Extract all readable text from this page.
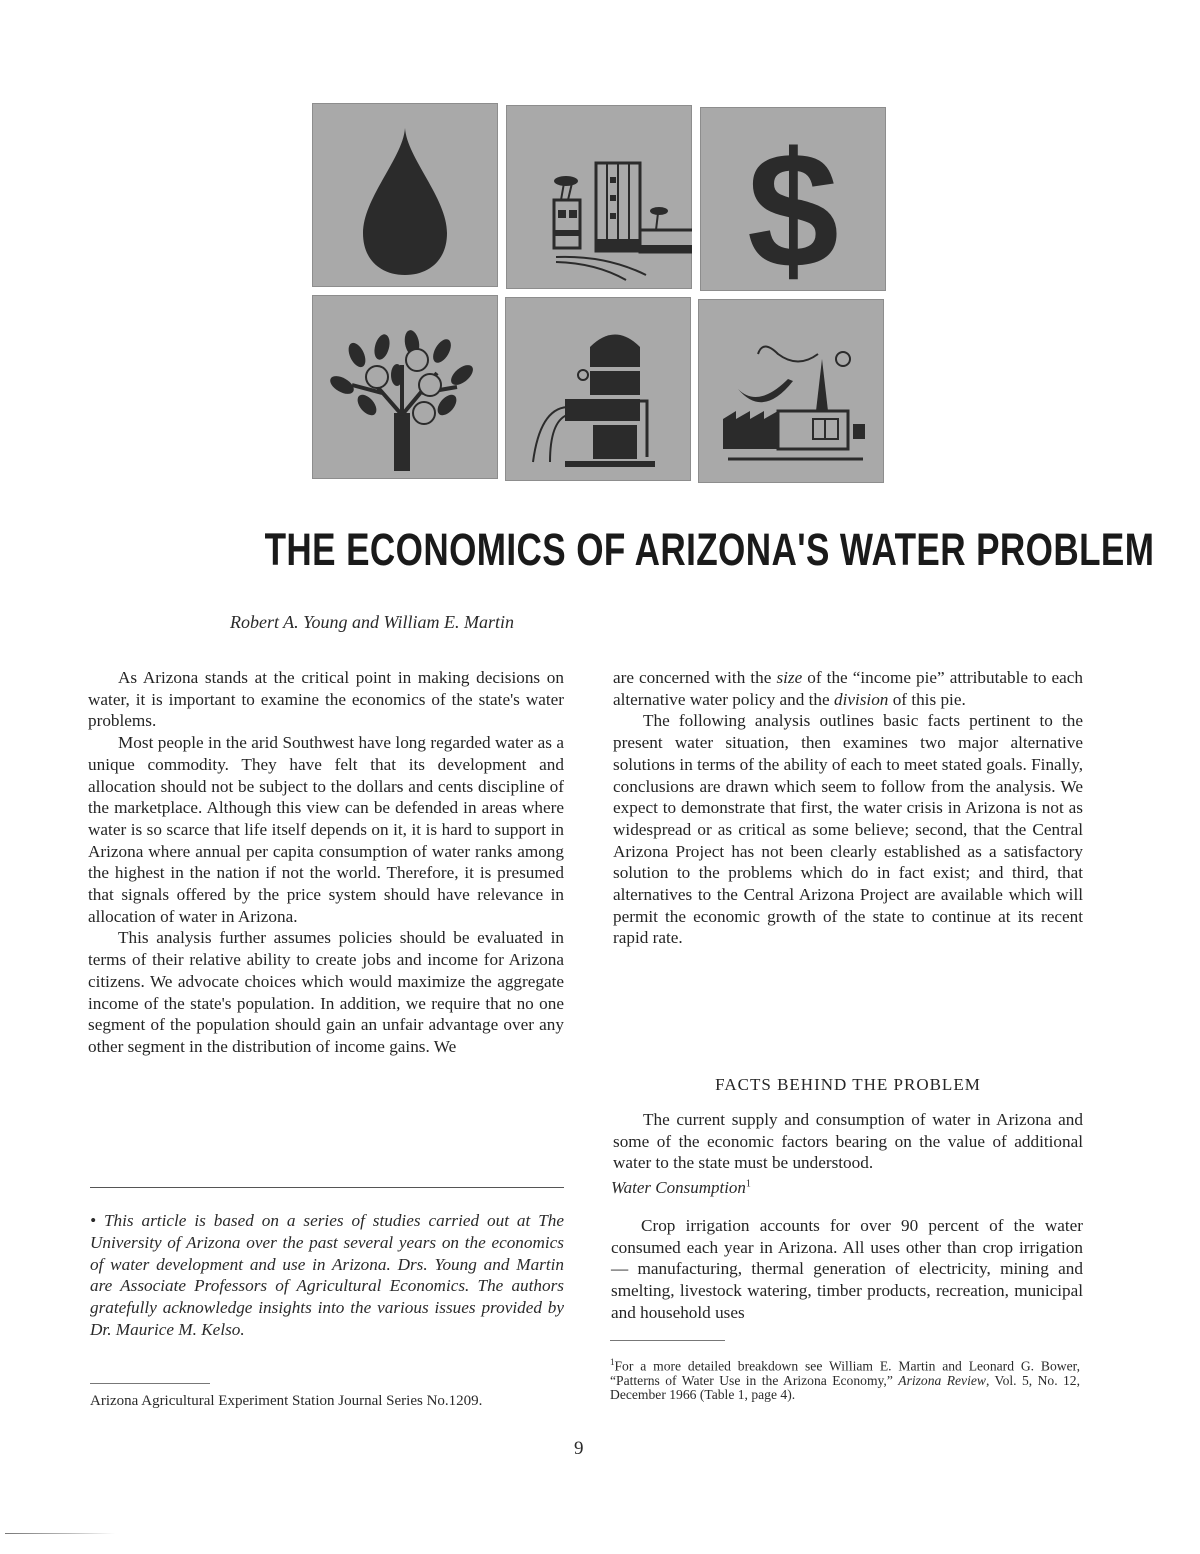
$
THE ECONOMICS OF ARIZONA'S WATER PROBLEM
Robert A. Young and William E. Martin

As Arizona stands at the critical point in making decisions on water, it is important to examine the economics of the state's water problems.

Most people in the arid Southwest have long regarded water as a unique commodity. They have felt that its development and allocation should not be subject to the dollars and cents discipline of the marketplace. Although this view can be defended in areas where water is so scarce that life itself depends on it, it is hard to support in Arizona where annual per capita consumption of water ranks among the highest in the nation if not the world. Therefore, it is presumed that signals offered by the price system should have relevance in allocation of water in Arizona.

This analysis further assumes policies should be evaluated in terms of their relative ability to create jobs and income for Arizona citizens. We advocate choices which would maximize the aggregate income of the state's population. In addition, we require that no one segment of the population should gain an unfair advantage over any other segment in the distribution of income gains. We

• This article is based on a series of studies carried out at The University of Arizona over the past several years on the economics of water development and use in Arizona. Drs. Young and Martin are Associate Professors of Agricultural Economics. The authors gratefully acknowledge insights into the various issues provided by Dr. Maurice M. Kelso.
Arizona Agricultural Experiment Station Journal Series No.1209.

are concerned with the size of the “income pie” attributable to each alternative water policy and the division of this pie.

The following analysis outlines basic facts pertinent to the present water situation, then examines two major alternative solutions in terms of the ability of each to meet stated goals. Finally, conclusions are drawn which seem to follow from the analysis. We expect to demonstrate that first, the water crisis in Arizona is not as widespread or as critical as some believe; second, that the Central Arizona Project has not been clearly established as a satisfactory solution to the problems which do in fact exist; and third, that alternatives to the Central Arizona Project are available which will permit the economic growth of the state to continue at its recent rapid rate.

FACTS BEHIND THE PROBLEM
The current supply and consumption of water in Arizona and some of the economic factors bearing on the value of additional water to the state must be understood.
Water Consumption$^1$
Crop irrigation accounts for over 90 percent of the water consumed each year in Arizona. All uses other than crop irrigation — manufacturing, thermal generation of electricity, mining and smelting, livestock watering, timber products, recreation, municipal and household uses
$^1$For a more detailed breakdown see William E. Martin and Leonard G. Bower, “Patterns of Water Use in the Arizona Economy,” Arizona Review, Vol. 5, No. 12, December 1966 (Table 1, page 4).
9
